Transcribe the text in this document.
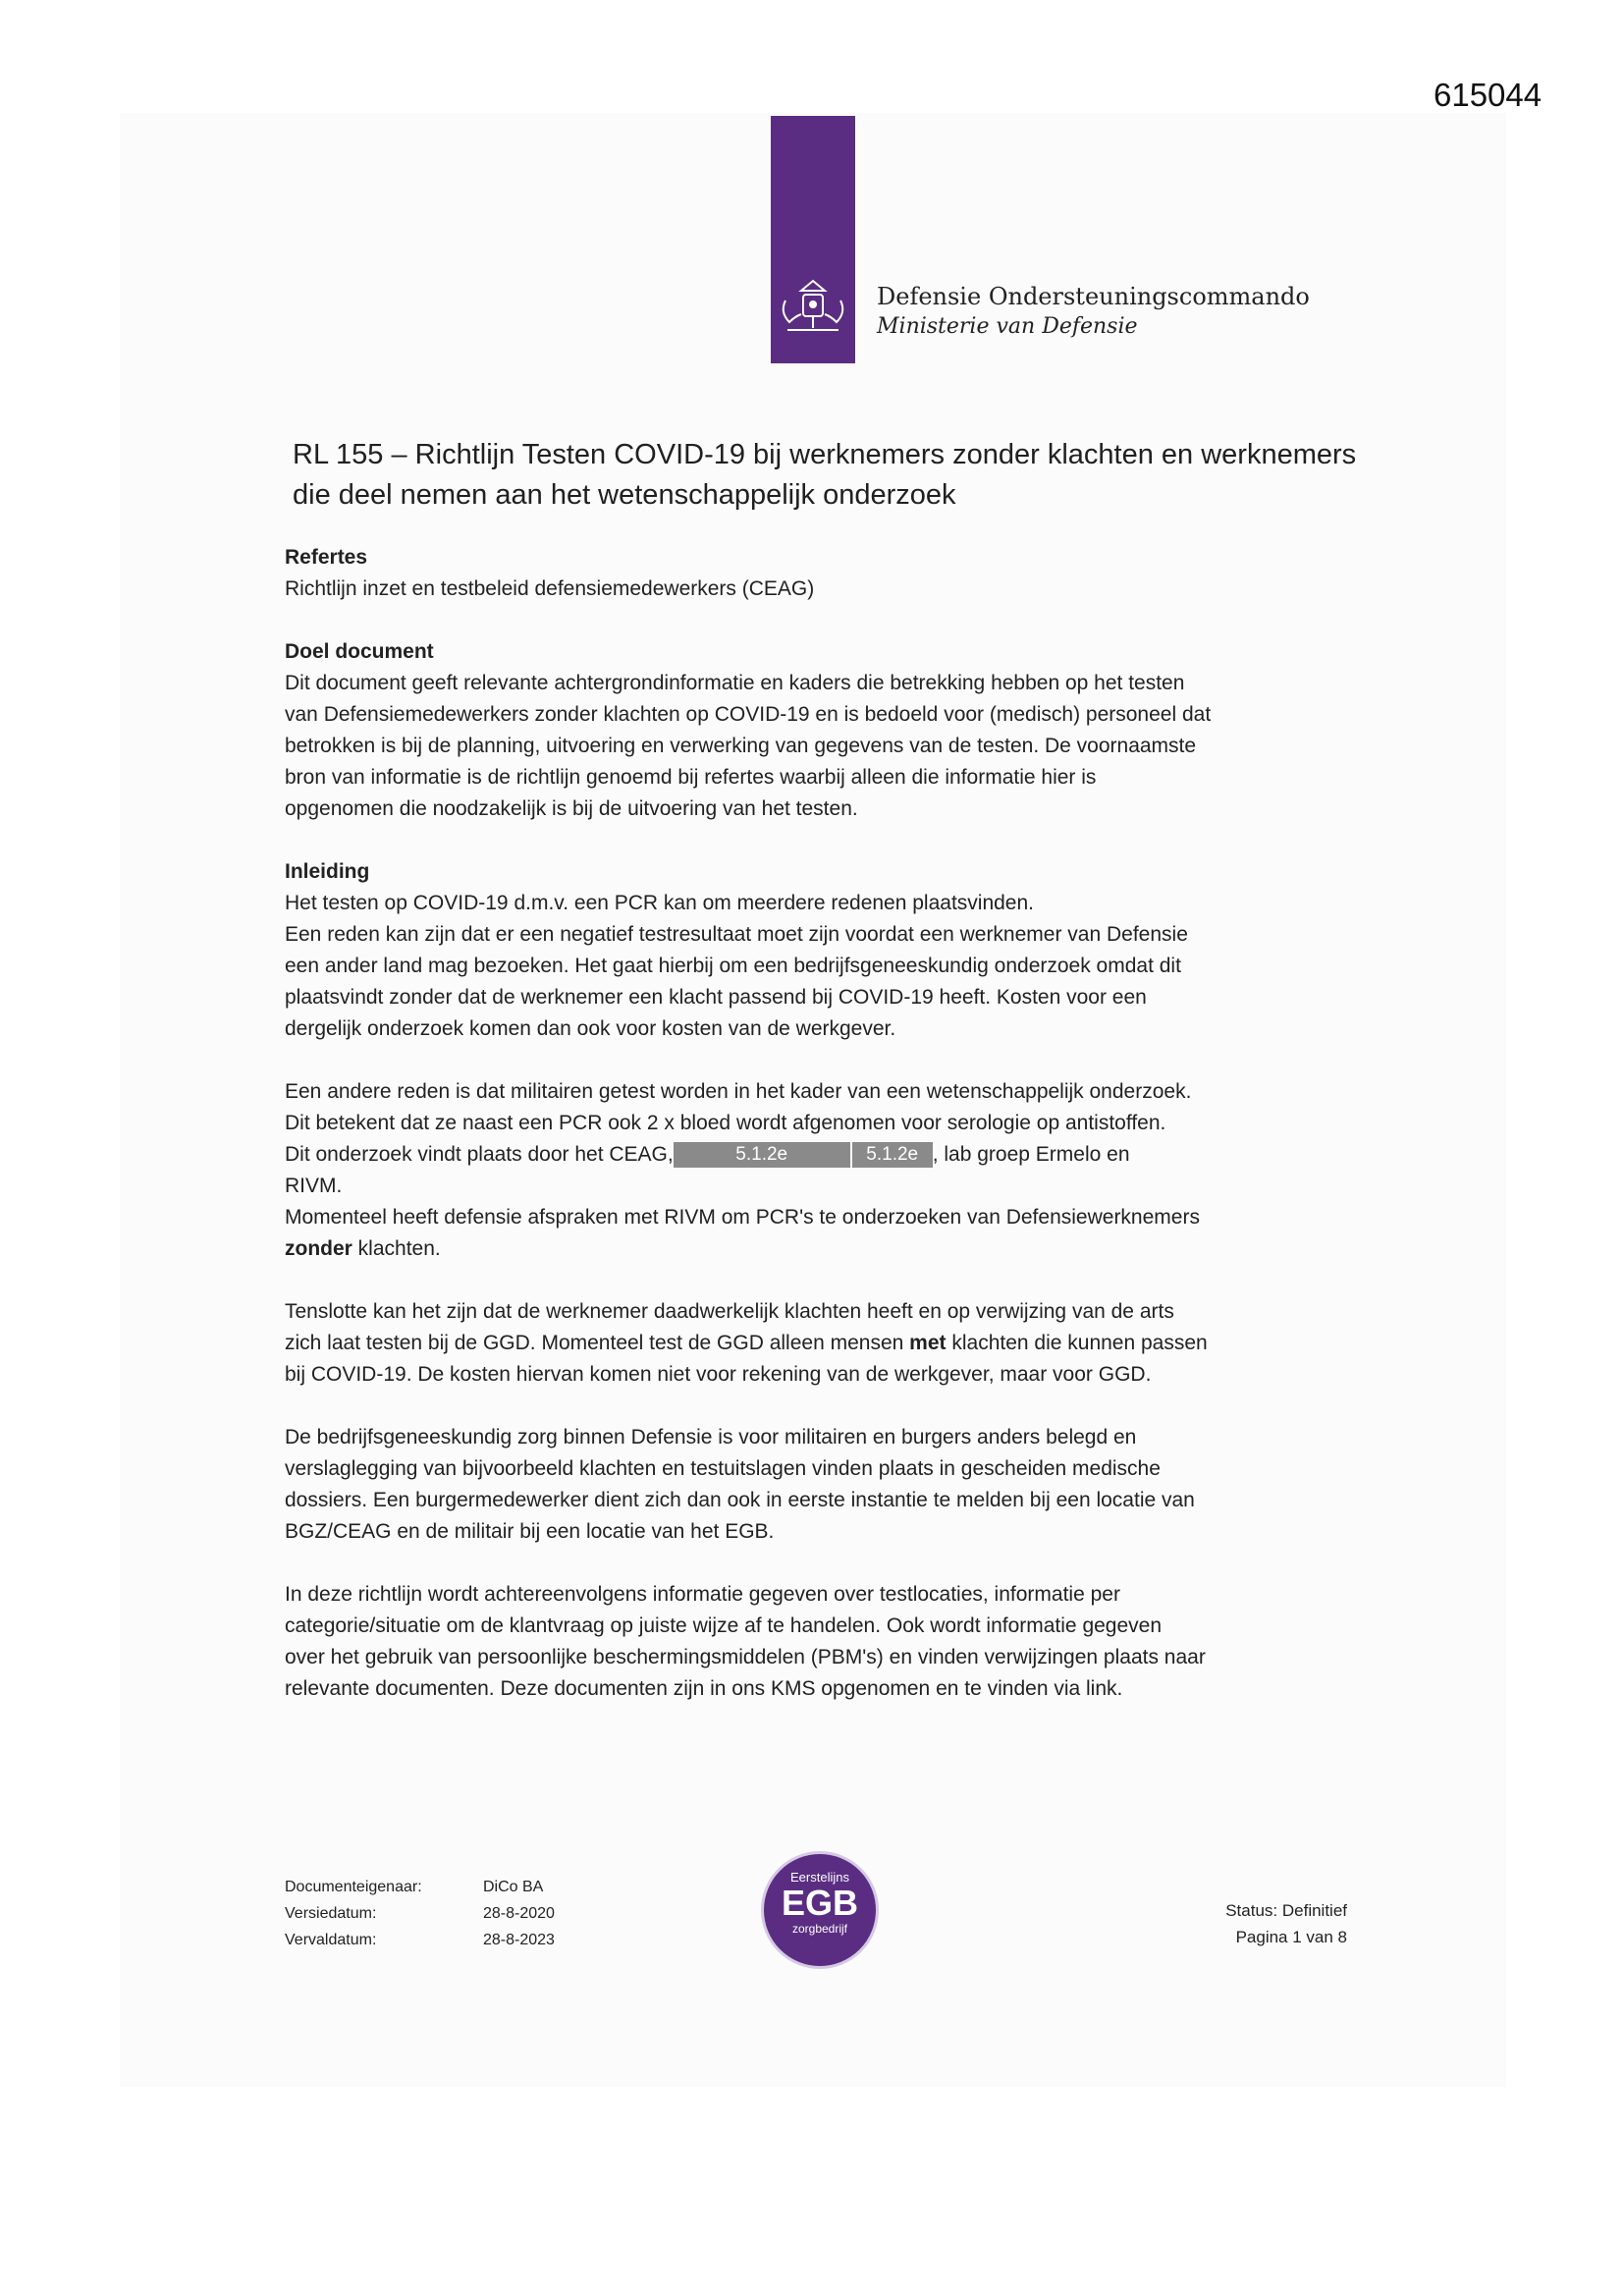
615044
Defensie Ondersteuningscommando
Ministerie van Defensie
RL 155 – Richtlijn Testen COVID-19 bij werknemers zonder klachten en werknemers
die deel nemen aan het wetenschappelijk onderzoek
Refertes

Richtlijn inzet en testbeleid defensiemedewerkers (CEAG)

Doel document

Dit document geeft relevante achtergrondinformatie en kaders die betrekking hebben op het testen

van Defensiemedewerkers zonder klachten op COVID-19 en is bedoeld voor (medisch) personeel dat

betrokken is bij de planning, uitvoering en verwerking van gegevens van de testen. De voornaamste

bron van informatie is de richtlijn genoemd bij refertes waarbij alleen die informatie hier is

opgenomen die noodzakelijk is bij de uitvoering van het testen.

Inleiding

Het testen op COVID-19 d.m.v. een PCR kan om meerdere redenen plaatsvinden.

Een reden kan zijn dat er een negatief testresultaat moet zijn voordat een werknemer van Defensie

een ander land mag bezoeken. Het gaat hierbij om een bedrijfsgeneeskundig onderzoek omdat dit

plaatsvindt zonder dat de werknemer een klacht passend bij COVID-19 heeft. Kosten voor een

dergelijk onderzoek komen dan ook voor kosten van de werkgever.

Een andere reden is dat militairen getest worden in het kader van een wetenschappelijk onderzoek.

Dit betekent dat ze naast een PCR ook 2 x bloed wordt afgenomen voor serologie op antistoffen.

Dit onderzoek vindt plaats door het CEAG,	5.1.2e	5.1.2e , lab groep Ermelo en

RIVM.

Momenteel heeft defensie afspraken met RIVM om PCR's te onderzoeken van Defensiewerknemers

zonder klachten.

Tenslotte kan het zijn dat de werknemer daadwerkelijk klachten heeft en op verwijzing van de arts

zich laat testen bij de GGD. Momenteel test de GGD alleen mensen met klachten die kunnen passen

bij COVID-19. De kosten hiervan komen niet voor rekening van de werkgever, maar voor GGD.

De bedrijfsgeneeskundig zorg binnen Defensie is voor militairen en burgers anders belegd en

verslaglegging van bijvoorbeeld klachten en testuitslagen vinden plaats in gescheiden medische

dossiers. Een burgermedewerker dient zich dan ook in eerste instantie te melden bij een locatie van

BGZ/CEAG en de militair bij een locatie van het EGB.

In deze richtlijn wordt achtereenvolgens informatie gegeven over testlocaties, informatie per

categorie/situatie om de klantvraag op juiste wijze af te handelen. Ook wordt informatie gegeven

over het gebruik van persoonlijke beschermingsmiddelen (PBM's) en vinden verwijzingen plaats naar

relevante documenten. Deze documenten zijn in ons KMS opgenomen en te vinden via link.

Documenteigenaar:	DiCo BA
Versiedatum:	28-8-2020
Vervaldatum:	28-8-2023
Eerstelijns
EGB
zorgbedrijf
Status: Definitief
Pagina 1 van 8
